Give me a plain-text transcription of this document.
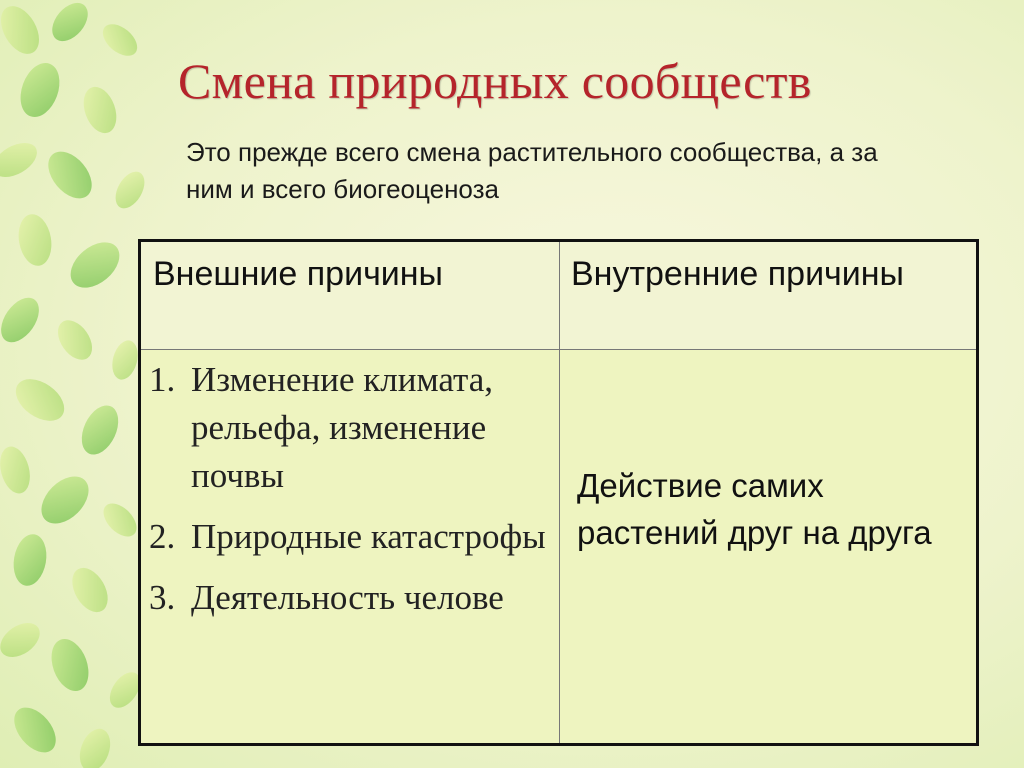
Смена природных сообществ

Это прежде всего смена растительного сообщества, а за ним и всего биогеоценоза

Внешние причины	Внутренние причины
1. Изменение климата, рельефа, изменение почвы
2. Природные катастрофы
3. Деятельность челове
Действие самих растений друг на друга
